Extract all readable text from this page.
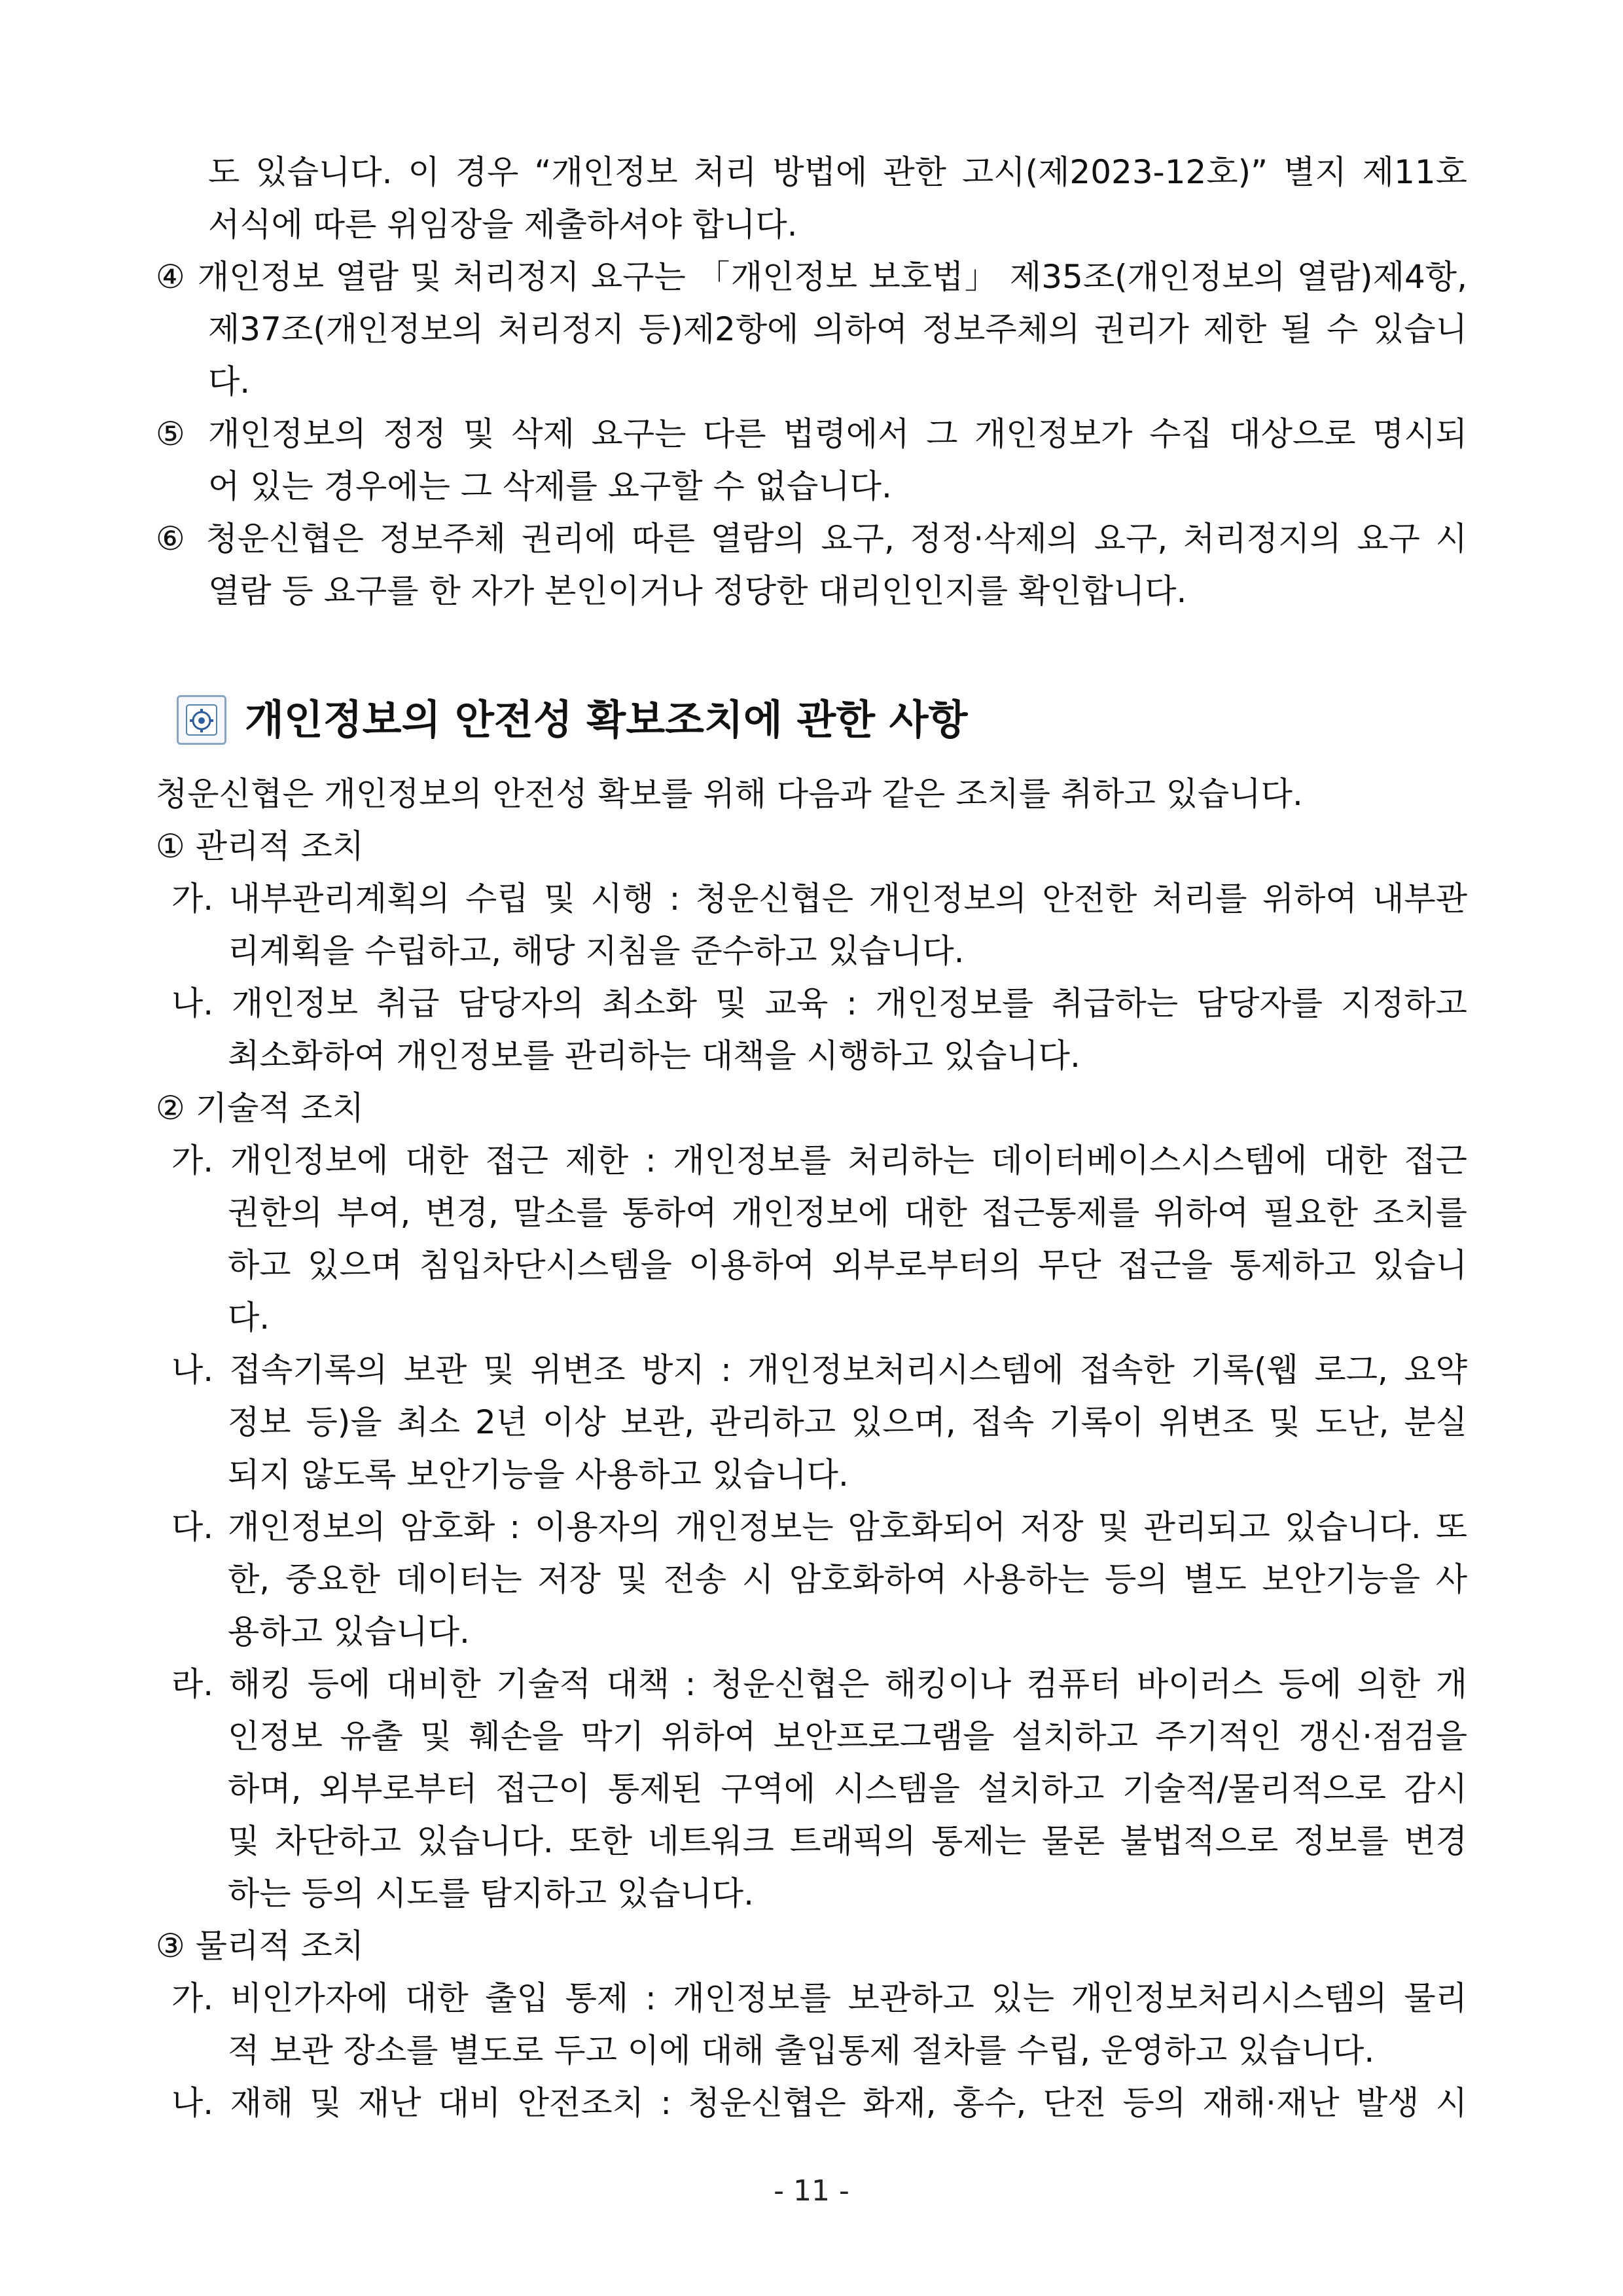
도 있습니다. 이 경우 “개인정보 처리 방법에 관한 고시(제2023-12호)” 별지 제11호
서식에 따른 위임장을 제출하셔야 합니다.
④ 개인정보 열람 및 처리정지 요구는 「개인정보 보호법」 제35조(개인정보의 열람)제4항,
제37조(개인정보의 처리정지 등)제2항에 의하여 정보주체의 권리가 제한 될 수 있습니
다.
⑤ 개인정보의 정정 및 삭제 요구는 다른 법령에서 그 개인정보가 수집 대상으로 명시되
어 있는 경우에는 그 삭제를 요구할 수 없습니다.
⑥ 청운신협은 정보주체 권리에 따른 열람의 요구, 정정·삭제의 요구, 처리정지의 요구 시
열람 등 요구를 한 자가 본인이거나 정당한 대리인인지를 확인합니다.
개인정보의 안전성 확보조치에 관한 사항
청운신협은 개인정보의 안전성 확보를 위해 다음과 같은 조치를 취하고 있습니다.
① 관리적 조치
가. 내부관리계획의 수립 및 시행 : 청운신협은 개인정보의 안전한 처리를 위하여 내부관
리계획을 수립하고, 해당 지침을 준수하고 있습니다.
나. 개인정보 취급 담당자의 최소화 및 교육 : 개인정보를 취급하는 담당자를 지정하고
최소화하여 개인정보를 관리하는 대책을 시행하고 있습니다.
② 기술적 조치
가. 개인정보에 대한 접근 제한 : 개인정보를 처리하는 데이터베이스시스템에 대한 접근
권한의 부여, 변경, 말소를 통하여 개인정보에 대한 접근통제를 위하여 필요한 조치를
하고 있으며 침입차단시스템을 이용하여 외부로부터의 무단 접근을 통제하고 있습니
다.
나. 접속기록의 보관 및 위변조 방지 : 개인정보처리시스템에 접속한 기록(웹 로그, 요약
정보 등)을 최소 2년 이상 보관, 관리하고 있으며, 접속 기록이 위변조 및 도난, 분실
되지 않도록 보안기능을 사용하고 있습니다.
다. 개인정보의 암호화 : 이용자의 개인정보는 암호화되어 저장 및 관리되고 있습니다. 또
한, 중요한 데이터는 저장 및 전송 시 암호화하여 사용하는 등의 별도 보안기능을 사
용하고 있습니다.
라. 해킹 등에 대비한 기술적 대책 : 청운신협은 해킹이나 컴퓨터 바이러스 등에 의한 개
인정보 유출 및 훼손을 막기 위하여 보안프로그램을 설치하고 주기적인 갱신·점검을
하며, 외부로부터 접근이 통제된 구역에 시스템을 설치하고 기술적/물리적으로 감시
및 차단하고 있습니다. 또한 네트워크 트래픽의 통제는 물론 불법적으로 정보를 변경
하는 등의 시도를 탐지하고 있습니다.
③ 물리적 조치
가. 비인가자에 대한 출입 통제 : 개인정보를 보관하고 있는 개인정보처리시스템의 물리
적 보관 장소를 별도로 두고 이에 대해 출입통제 절차를 수립, 운영하고 있습니다.
나. 재해 및 재난 대비 안전조치 : 청운신협은 화재, 홍수, 단전 등의 재해·재난 발생 시
- 11 -
